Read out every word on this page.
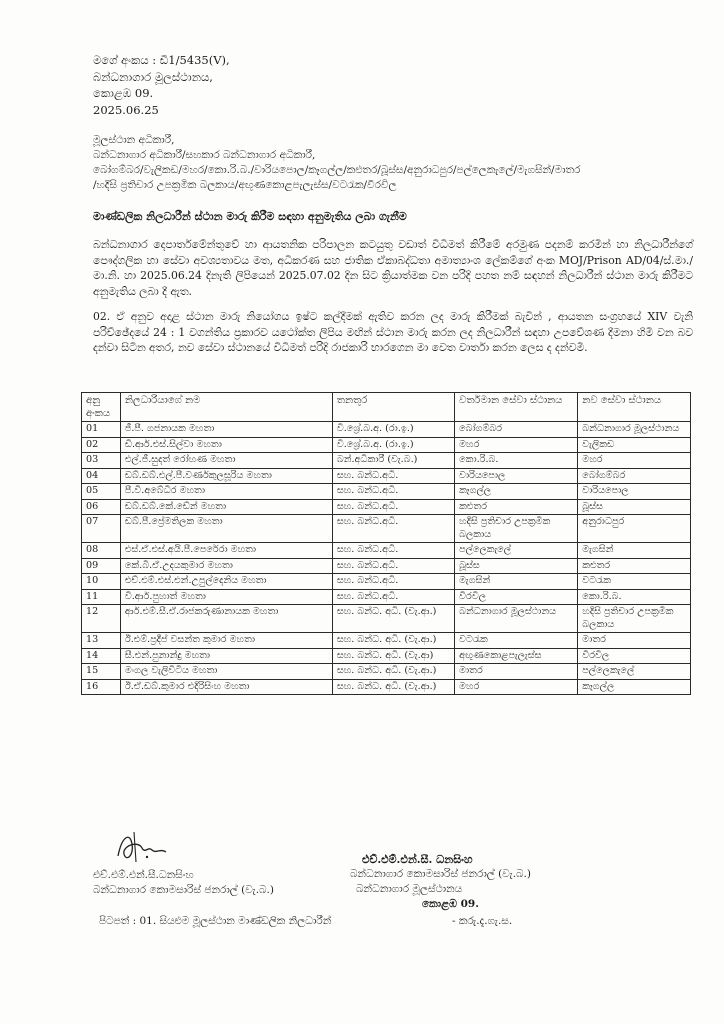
මගේ අංකය : ඩී1/5435(V),
බන්ධනාගාර මූලස්ථානය,
කොළඹ 09.
2025.06.25
මූලස්ථාන අධිකාරී,
බන්ධනාගාර අධිකාරී/සහකාර බන්ධනාගාර අධිකාරී,
බෝගම්බර/වැලිකඩ/මහර/කො.රි.බ./වාරියපොල/කෑගල්ල/කළුතර/බූස්ස/අනුරාධපුර/පල්ලෙකැලේ/මැගසින්/මාතර
/හදිසි ප්‍රතිචාර උපක්‍රමික බලකාය/අඟුණකොළපැලැස්ස/වටරැක/වීරවිල
මාණ්ඩලික නිලධාරීන් ස්ථාන මාරු කිරීම සඳහා අනුමැතිය ලබා ගැනීම
බන්ධනාගාර දෙපාර්තමේන්තුවේ හා ආයතනික පරිපාලන කටයුතු වඩාත් විධිමත් කිරීමේ අරමුණ පදනම් කරමින් හා නිලධාරීන්ගේ පෞද්ගලික හා සේවා අවශ්‍යතාවය මත, අධිකරණ සහ ජාතික ඒකාබද්ධතා අමාත්‍යාංශ ලේකම්ගේ අංක MOJ/Prison AD/04/ස්.මා./මා.නි. හා 2025.06.24 දිනැති ලිපියෙන් 2025.07.02 දින සිට ක්‍රියාත්මක වන පරිදි පහත නම් සඳහන් නිලධාරීන් ස්ථාන මාරු කිරීමට අනුමැතිය ලබා දී ඇත.
02. ඒ අනුව අදාළ ස්ථාන මාරු නියෝගය ඉෂ්ට කල්දීමක් ඇතිව කරන ලද මාරු කිරීමක් බැවින් , ආයතන සංග්‍රහයේ XIV වැනි පරිච්ඡේදයේ 24 : 1 වගන්තිය ප්‍රකාරව යථෝක්ත ලිපිය මඟින් ස්ථාන මාරු කරන ලද නිලධාරීන් සඳහා උපවේශණ දීමනා හිමි වන බව දන්වා සිටින අතර, නව සේවා ස්ථානයේ විධිමත් පරිදි රාජකාරි භාරගෙන මා වෙත වාර්තා කරන ලෙස ද දන්වමි.
අනු අංකය	නිලධාරියාගේ නම	තනතුර	වර්තමාන සේවා ස්ථානය	නව සේවා ස්ථානය
01	ජී.පී. ගජනායක මහතා	වි.ශ්‍රේ.බ.අ. (රා.ඉ.)	බෝගම්බර	බන්ධනාගාර මූලස්ථානය
02	ඩී.ආර්.එස්.සිල්වා මහතා	වි.ශ්‍රේ.බ.අ. (රා.ඉ.)	මහර	වැලිකඩ
03	එල්.ජී.සුදත් රෝහණ මහතා	බන්.අධිකාරී (වැ.බ.)	කො.රි.බ.	මහර
04	ඩබ්.ඩබ්.එල්.පී.වර්ණකුලසූරිය මහතා	සහ. බන්ධ.අධි.	වාරියපොල	බෝගම්බර
05	පී.වී.අබේධීර මහතා	සහ. බන්ධ.අධි.	කෑගල්ල	වාරියපොල
06	ඩබ්.ඩබ්.කේ.ඩේන් මහතා	සහ. බන්ධ.අධි.	කළුතර	බූස්ස
07	ඩබ්.පී.ප්‍රේමතිලක මහතා	සහ. බන්ධ.අධි.	හදිසි ප්‍රතිචාර උපක්‍රමික බලකාය	අනුරාධපුර
08	එස්.ඒ.එස්.අයි.පී.පෙරේරා මහතා	සහ. බන්ධ.අධි.	පල්ලෙකැලේ	මැගසින්
09	කේ.බී.ඒ.උදයකුමාර මහතා	සහ. බන්ධ.අධි.	බූස්ස	කළුතර
10	එච්.එම්.එස්.එන්.උපුල්දෙනිය මහතා	සහ. බන්ධ.අධි.	මැගසින්	වටරැක
11	වී.ආර්.පුහාත් මහතා	සහ. බන්ධ.අධි.	වීරවිල	කො.රි.බ.
12	ආර්.එම්.සී.ඒ.රාජකරුණානායක මහතා	සහ. බන්ධ. අධි. (වැ.ආ.)	බන්ධනාගාර මූලස්ථානය	හදිසි ප්‍රතිචාර උපක්‍රමික බලකාය
13	ඊ.එම්.ප්‍රදීප් වසන්ත කුමාර මහතා	සහ. බන්ධ. අධි. (වැ.ආ.)	වටරැක	මාතර
14	සී.එන්.පුනාන්දු මහතා	සහ. බන්ධ. අධි. (වැ.ආ)	අඟුණකොළපැලැස්ස	වීරවිල
15	මංගල වැලිවිටිය මහතා	සහ. බන්ධ. අධි. (වැ.ආ.)	මාතර	පල්ලෙකැලේ
16	ඊ.ඒ.ඩබ්.කුමාර එදිරිසිංහ මහතා	සහ. බන්ධ. අධි. (වැ.ආ.)	මහර	කෑගල්ල
එච්.එම්.එන්.සී.ධනසිංහ
බන්ධනාගාර කොමසාරිස් ජනරාල් (වැ.බ.)
එච්.එම්.එන්.සී. ධනසිංහ
බන්ධනාගාර කොමසාරිස් ජනරාල් (වැ.බ.)
බන්ධනාගාර මූලස්ථානය
කොළඹ 09.
පිටපත් : 01. සියළුම මූලස්ථාන මාණ්ඩලික නිලධාරීන්	- කරු.දැ.ගැ.ස.
